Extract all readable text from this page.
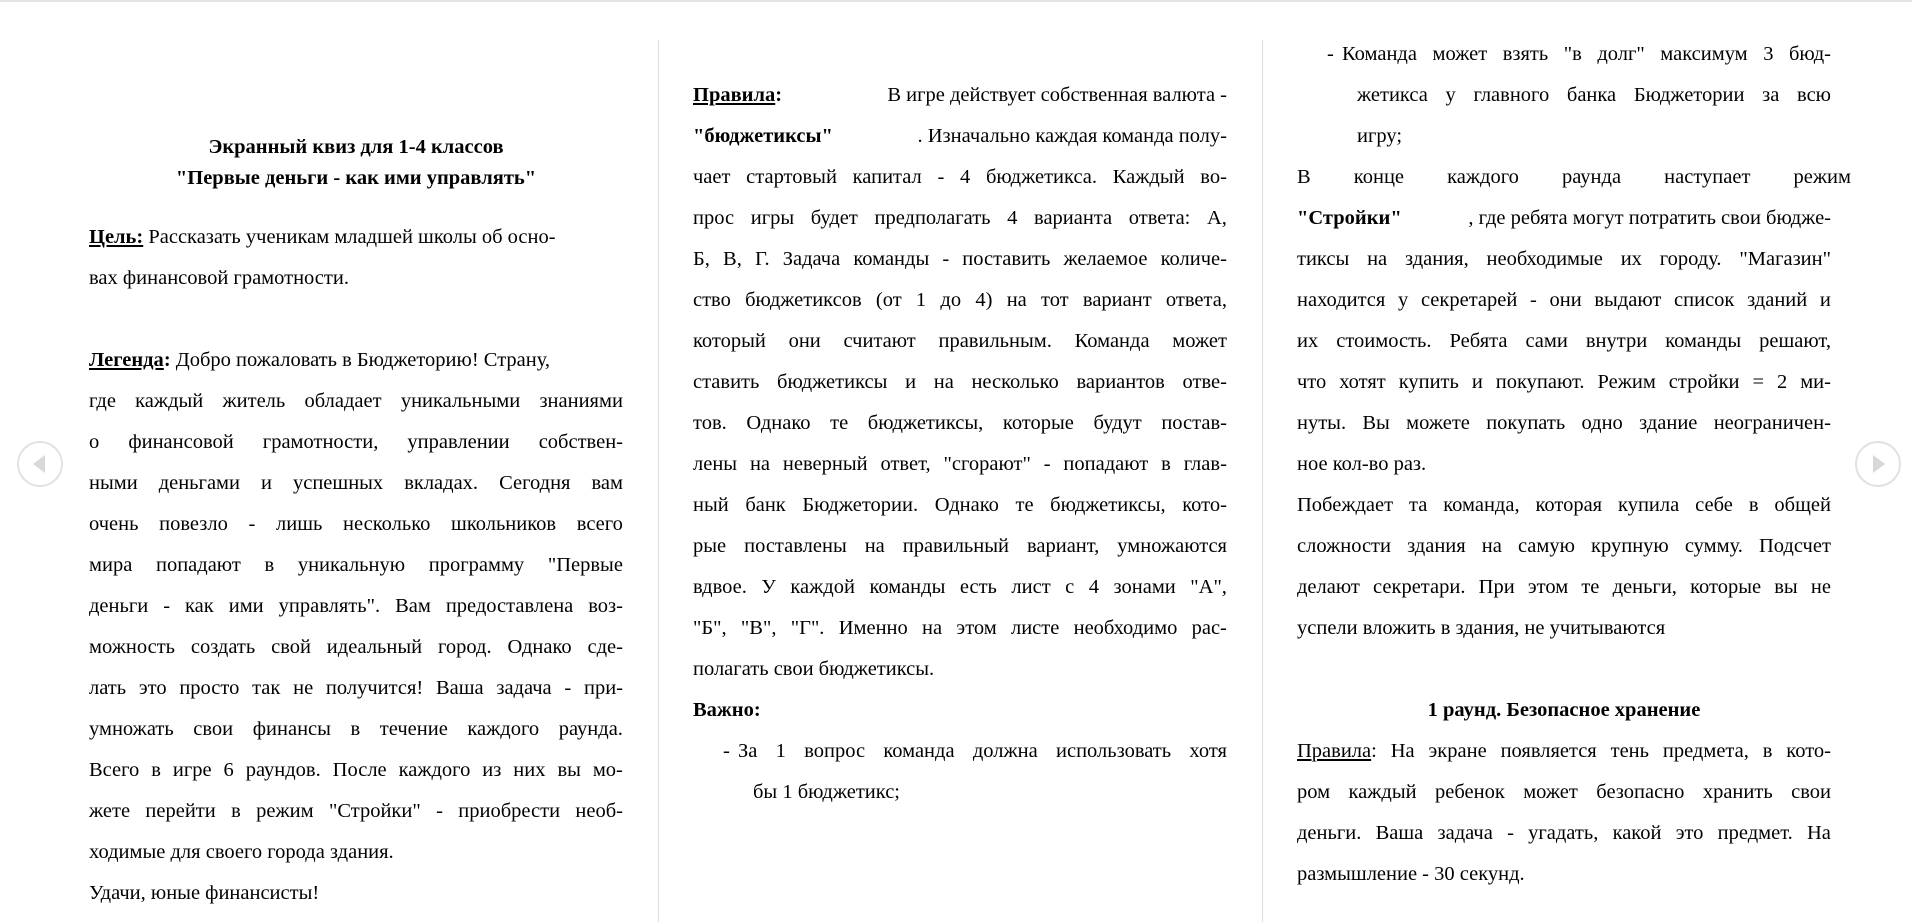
Экранный квиз для 1-4 классов
"Первые деньги - как ими управлять"
Цель: Рассказать ученикам младшей школы об осно-
вах финансовой грамотности.
Легенда: Добро пожаловать в Бюджеторию! Страну,
где каждый житель обладает уникальными знаниями
о финансовой грамотности, управлении собствен-
ными деньгами и успешных вкладах. Сегодня вам
очень повезло - лишь несколько школьников всего
мира попадают в уникальную программу "Первые
деньги - как ими управлять". Вам предоставлена воз-
можность создать свой идеальный город. Однако сде-
лать это просто так не получится! Ваша задача - при-
умножать свои финансы в течение каждого раунда.
Всего в игре 6 раундов. После каждого из них вы мо-
жете перейти в режим "Стройки" - приобрести необ-
ходимые для своего города здания.
Удачи, юные финансисты!
Правила:	В игре действует собственная валюта -
"бюджетиксы"	. Изначально каждая команда полу-
чает стартовый капитал - 4 бюджетикса. Каждый во-
прос игры будет предполагать 4 варианта ответа: А,
Б, В, Г. Задача команды - поставить желаемое количе-
ство бюджетиксов (от 1 до 4) на тот вариант ответа,
который они считают правильным. Команда может
ставить бюджетиксы и на несколько вариантов отве-
тов. Однако те бюджетиксы, которые будут постав-
лены на неверный ответ, "сгорают" - попадают в глав-
ный банк Бюджетории. Однако те бюджетиксы, кото-
рые поставлены на правильный вариант, умножаются
вдвое. У каждой команды есть лист с 4 зонами "А",
"Б", "В", "Г". Именно на этом листе необходимо рас-
полагать свои бюджетиксы.
Важно:
- За 1 вопрос команда должна использовать хотя
бы 1 бюджетикс;
- Команда может взять "в долг" максимум 3 бюд-
жетикса у главного банка Бюджетории за всю
игру;
В конце каждого раунда наступает режим
"Стройки"	, где ребята могут потратить свои бюдже-
тиксы на здания, необходимые их городу. "Магазин"
находится у секретарей - они выдают список зданий и
их стоимость. Ребята сами внутри команды решают,
что хотят купить и покупают. Режим стройки = 2 ми-
нуты. Вы можете покупать одно здание неограничен-
ное кол-во раз.
Побеждает та команда, которая купила себе в общей
сложности здания на самую крупную сумму. Подсчет
делают секретари. При этом те деньги, которые вы не
успели вложить в здания, не учитываются
1 раунд. Безопасное хранение
Правила: На экране появляется тень предмета, в кото-
ром каждый ребенок может безопасно хранить свои
деньги. Ваша задача - угадать, какой это предмет. На
размышление - 30 секунд.
